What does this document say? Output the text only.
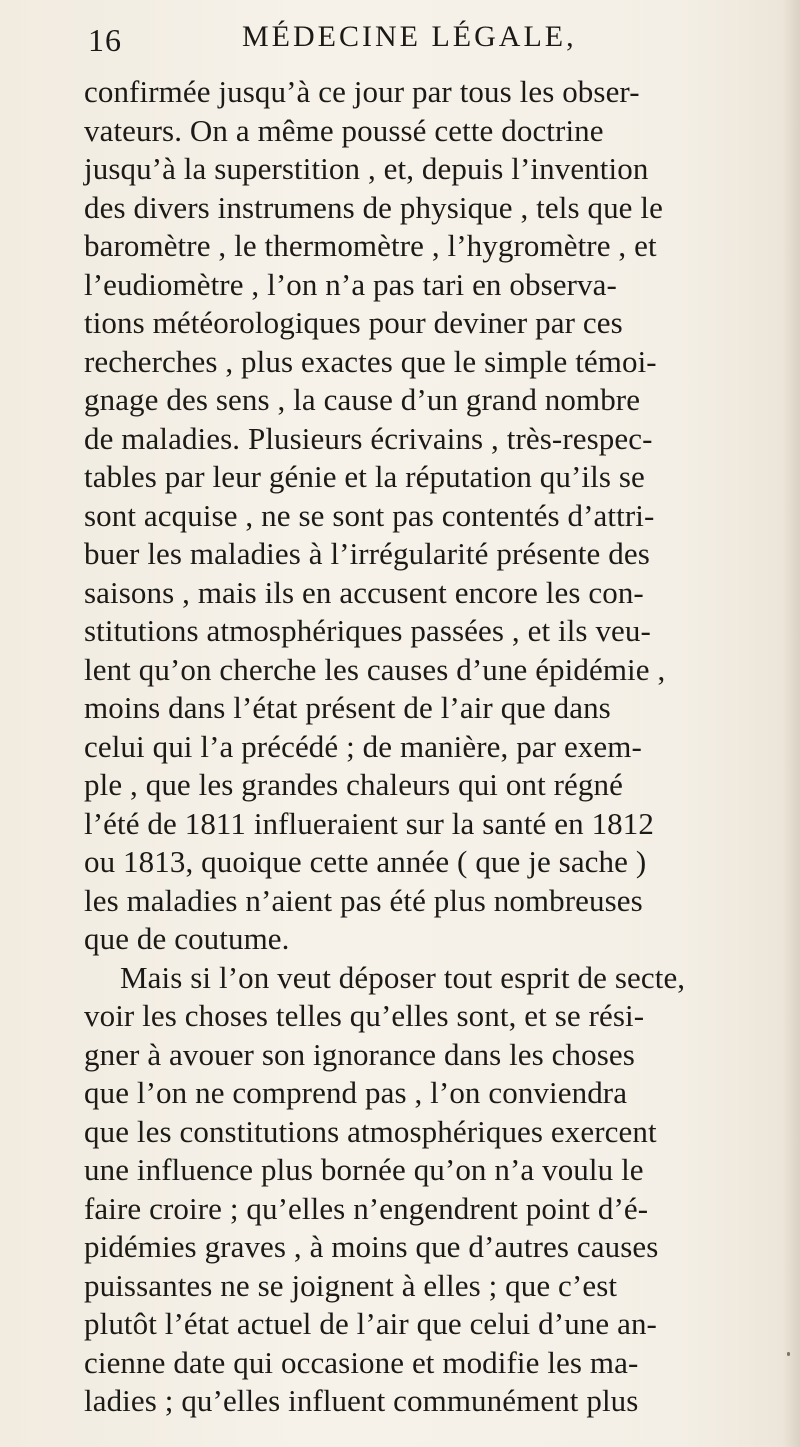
16	MÉDECINE LÉGALE,
confirmée jusqu’à ce jour par tous les obser-
vateurs. On a même poussé cette doctrine
jusqu’à la superstition , et, depuis l’invention
des divers instrumens de physique , tels que le
baromètre , le thermomètre , l’hygromètre , et
l’eudiomètre , l’on n’a pas tari en observa-
tions météorologiques pour deviner par ces
recherches , plus exactes que le simple témoi-
gnage des sens , la cause d’un grand nombre
de maladies. Plusieurs écrivains , très-respec-
tables par leur génie et la réputation qu’ils se
sont acquise , ne se sont pas contentés d’attri-
buer les maladies à l’irrégularité présente des
saisons , mais ils en accusent encore les con-
stitutions atmosphériques passées , et ils veu-
lent qu’on cherche les causes d’une épidémie ,
moins dans l’état présent de l’air que dans
celui qui l’a précédé ; de manière, par exem-
ple , que les grandes chaleurs qui ont régné
l’été de 1811 influeraient sur la santé en 1812
ou 1813, quoique cette année ( que je sache )
les maladies n’aient pas été plus nombreuses
que de coutume.
Mais si l’on veut déposer tout esprit de secte,
voir les choses telles qu’elles sont, et se rési-
gner à avouer son ignorance dans les choses
que l’on ne comprend pas , l’on conviendra
que les constitutions atmosphériques exercent
une influence plus bornée qu’on n’a voulu le
faire croire ; qu’elles n’engendrent point d’é-
pidémies graves , à moins que d’autres causes
puissantes ne se joignent à elles ; que c’est
plutôt l’état actuel de l’air que celui d’une an-
cienne date qui occasione et modifie les ma-
ladies ; qu’elles influent communément plus
